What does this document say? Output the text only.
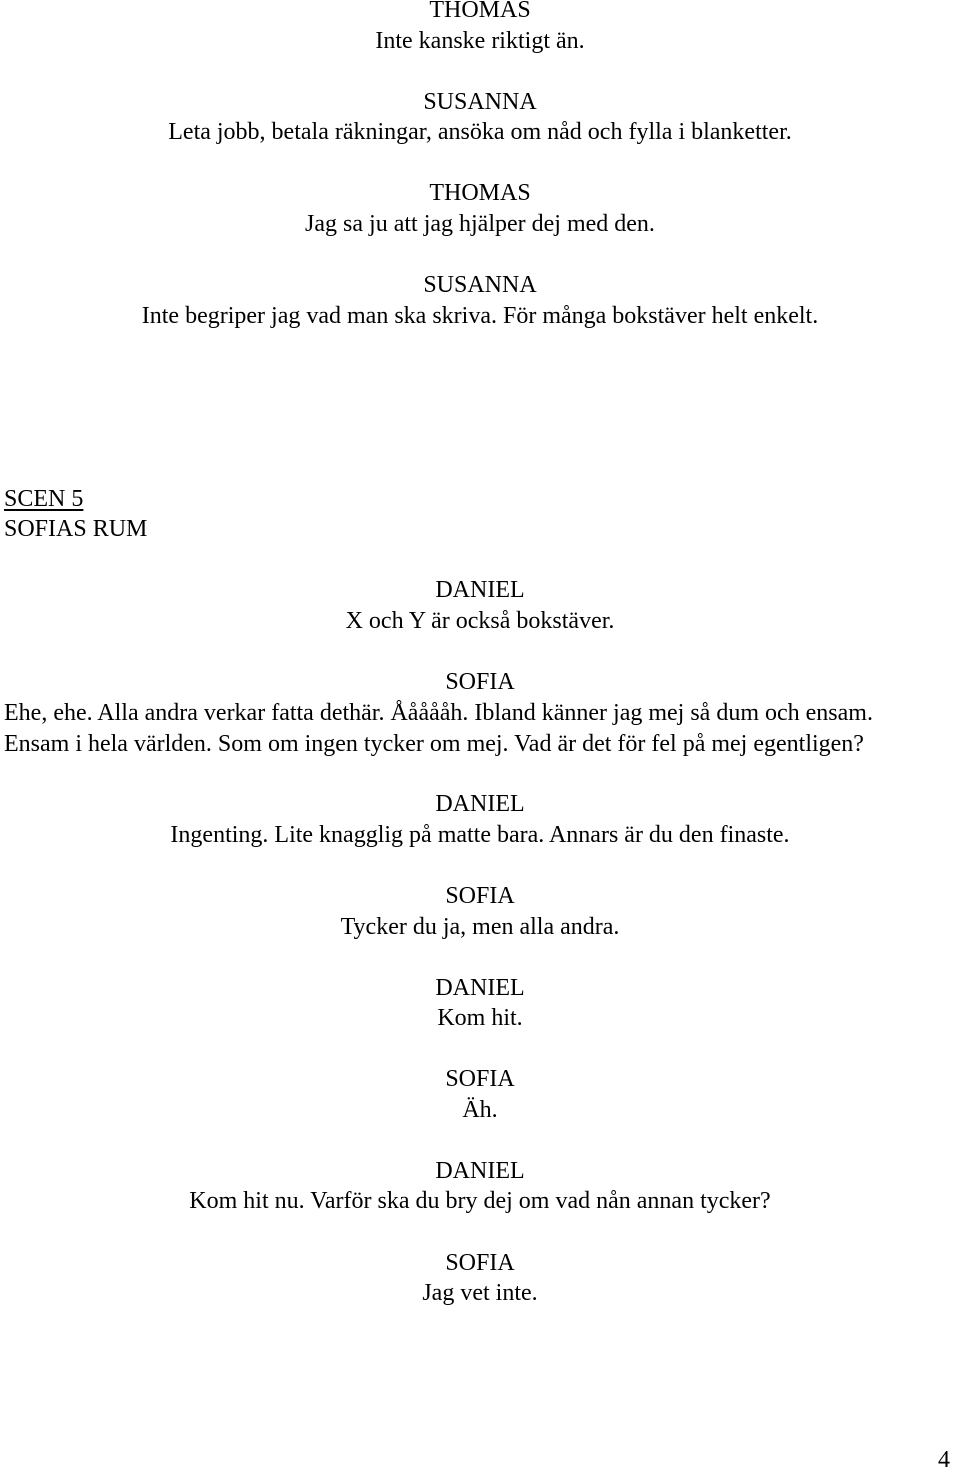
THOMAS
Inte kanske riktigt än.
SUSANNA
Leta jobb, betala räkningar, ansöka om nåd och fylla i blanketter.
THOMAS
Jag sa ju att jag hjälper dej med den.
SUSANNA
Inte begriper jag vad man ska skriva. För många bokstäver helt enkelt.
SCEN 5
SOFIAS RUM
DANIEL
X och Y är också bokstäver.
SOFIA
Ehe, ehe. Alla andra verkar fatta dethär. Åååååh. Ibland känner jag mej så dum och ensam.
Ensam i hela världen. Som om ingen tycker om mej. Vad är det för fel på mej egentligen?
DANIEL
Ingenting. Lite knagglig på matte bara. Annars är du den finaste.
SOFIA
Tycker du ja, men alla andra.
DANIEL
Kom hit.
SOFIA
Äh.
DANIEL
Kom hit nu. Varför ska du bry dej om vad nån annan tycker?
SOFIA
Jag vet inte.
4
